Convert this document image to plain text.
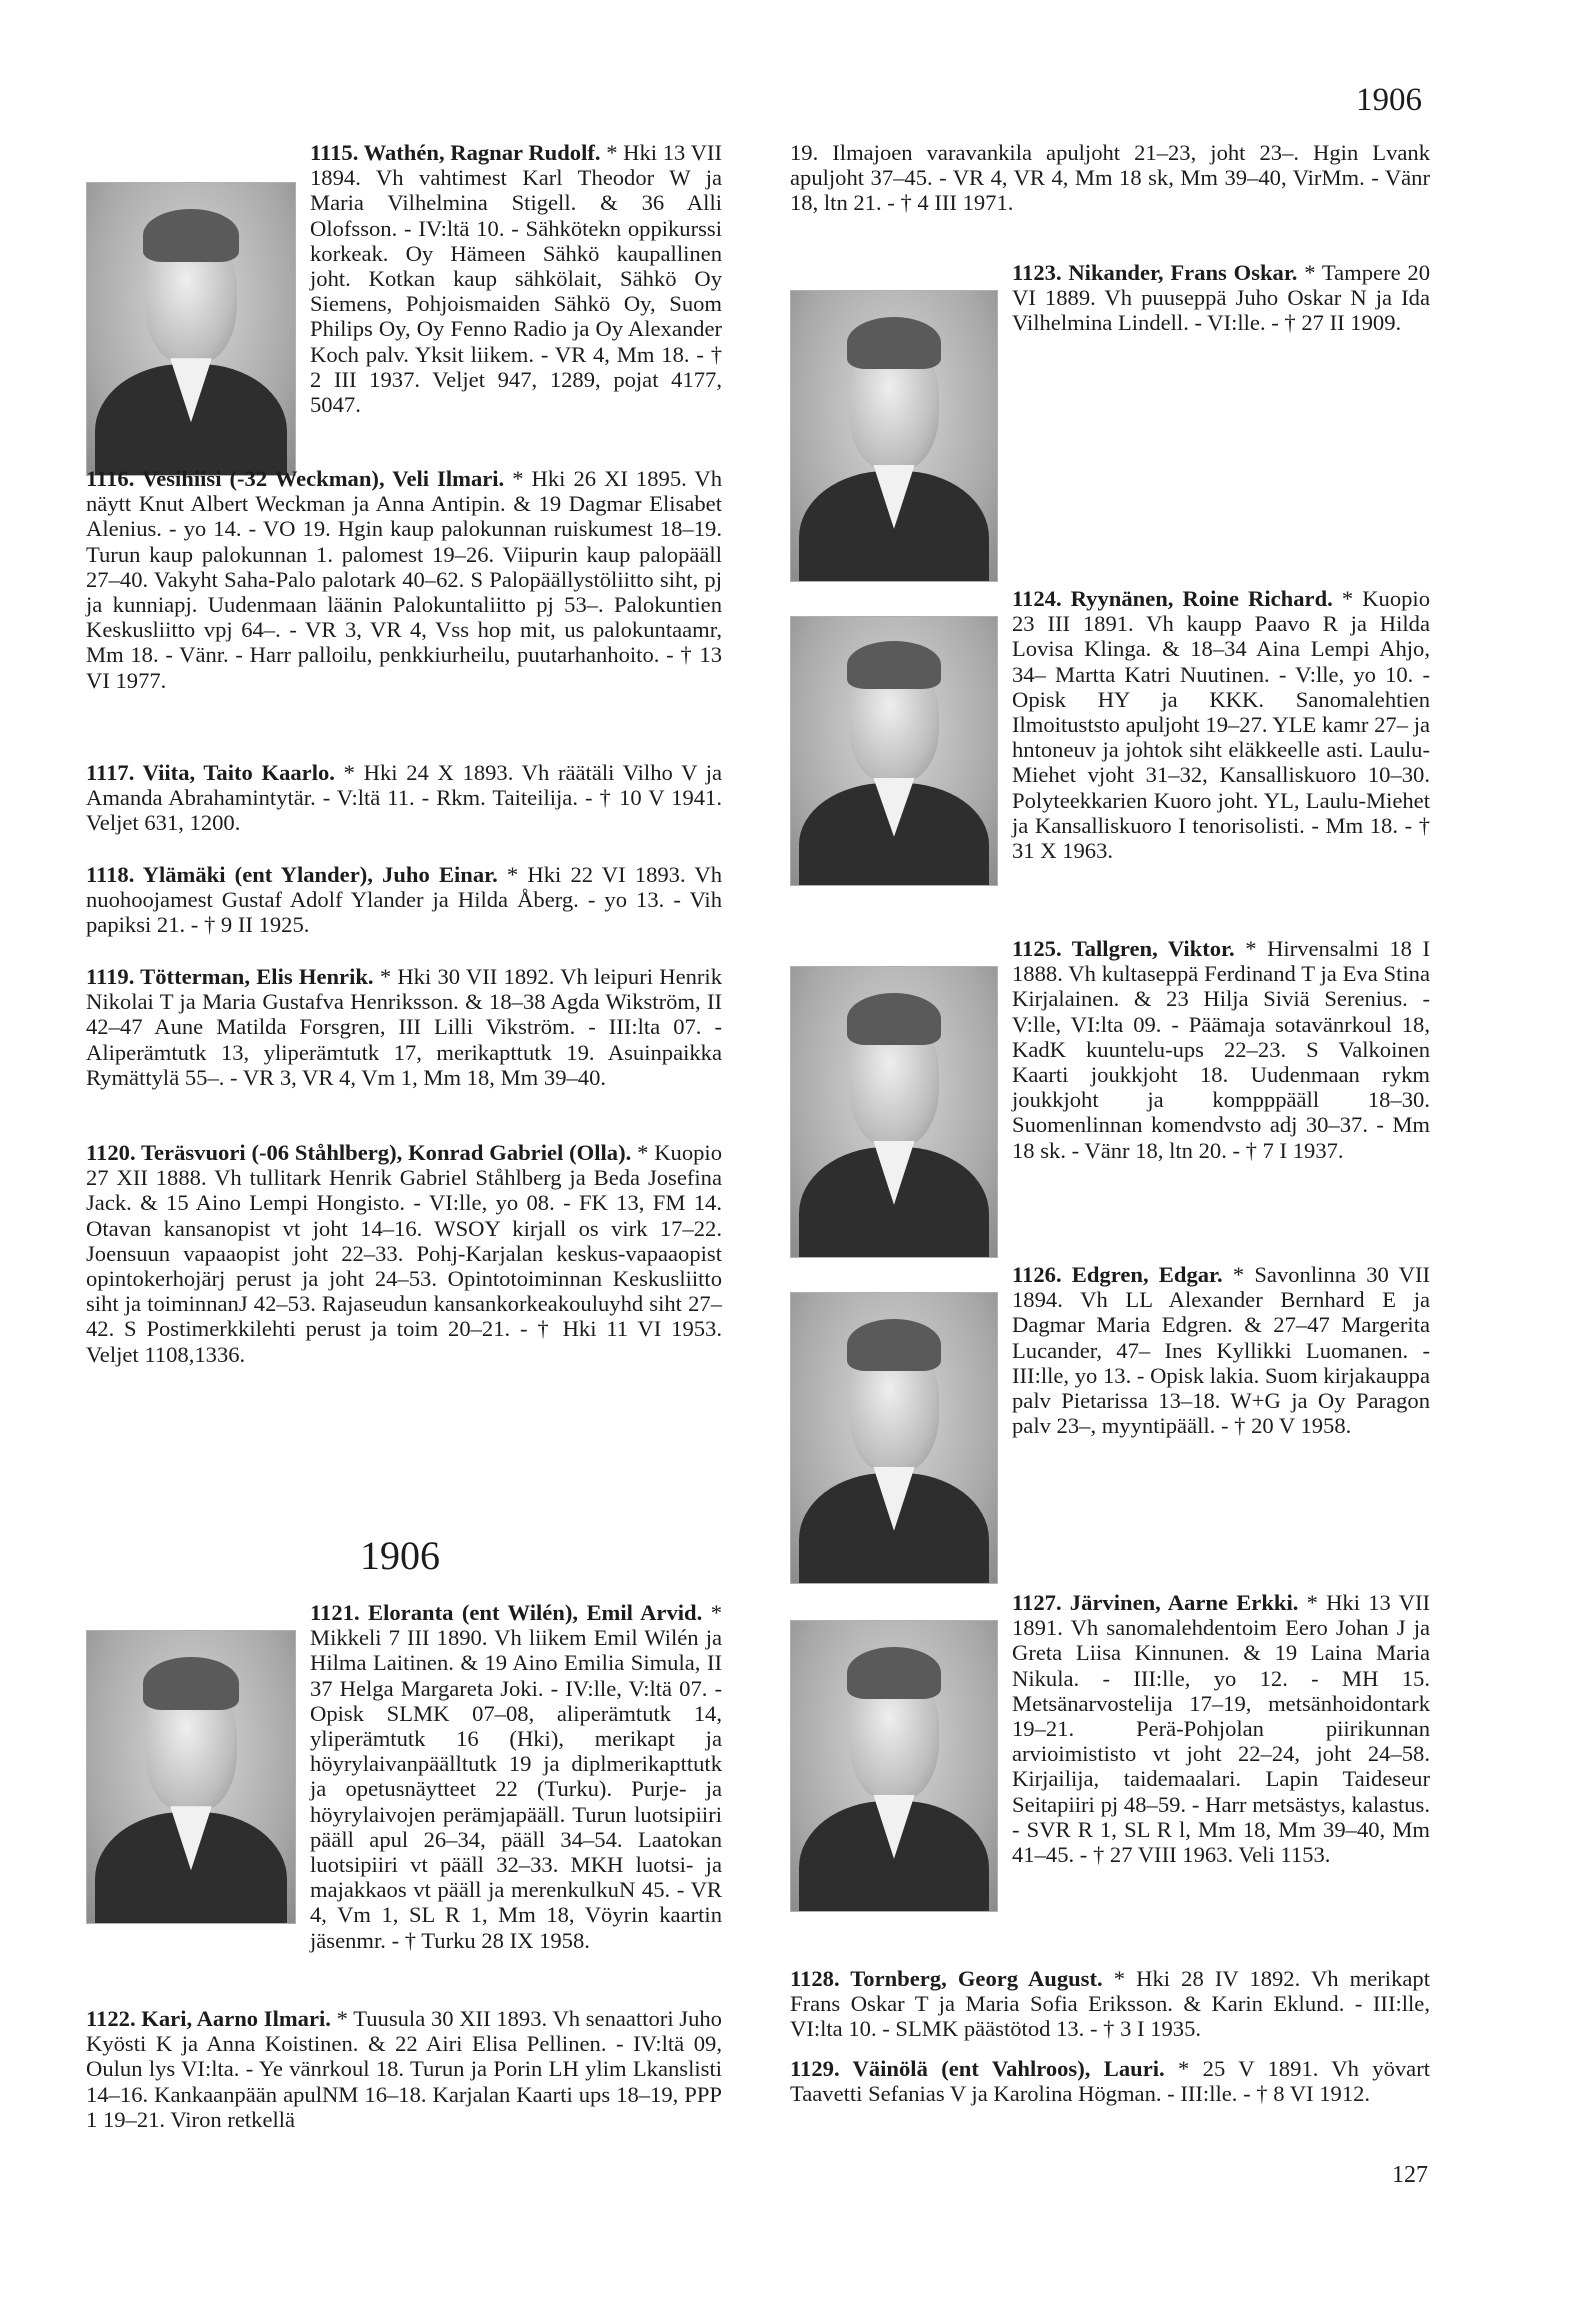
1906

1115. Wathén, Ragnar Rudolf. * Hki 13 VII 1894. Vh vahtimest Karl Theodor W ja Maria Vilhelmina Stigell. & 36 Alli Olofsson. - IV:ltä 10. - Sähkötekn oppikurssi korkeak. Oy Hämeen Sähkö kaupallinen joht. Kotkan kaup sähkölait, Sähkö Oy Siemens, Pohjoismaiden Sähkö Oy, Suom Philips Oy, Oy Fenno Radio ja Oy Alexander Koch palv. Yksit liikem. - VR 4, Mm 18. - † 2 III 1937. Veljet 947, 1289, pojat 4177, 5047.

1116. Vesihiisi (-32 Weckman), Veli Ilmari. * Hki 26 XI 1895. Vh näytt Knut Albert Weckman ja Anna Antipin. & 19 Dagmar Elisabet Alenius. - yo 14. - VO 19. Hgin kaup palokunnan ruiskumest 18–19. Turun kaup palokunnan 1. palomest 19–26. Viipurin kaup palopääll 27–40. Vakyht Saha-Palo palotark 40–62. S Palopäällystöliitto siht, pj ja kunniapj. Uudenmaan läänin Palokuntaliitto pj 53–. Palokuntien Keskusliitto vpj 64–. - VR 3, VR 4, Vss hop mit, us palokuntaamr, Mm 18. - Vänr. - Harr palloilu, penkkiurheilu, puutarhanhoito. - † 13 VI 1977.

1117. Viita, Taito Kaarlo. * Hki 24 X 1893. Vh räätäli Vilho V ja Amanda Abrahamintytär. - V:ltä 11. - Rkm. Taiteilija. - † 10 V 1941. Veljet 631, 1200.

1118. Ylämäki (ent Ylander), Juho Einar. * Hki 22 VI 1893. Vh nuohoojamest Gustaf Adolf Ylander ja Hilda Åberg. - yo 13. - Vih papiksi 21. - † 9 II 1925.

1119. Tötterman, Elis Henrik. * Hki 30 VII 1892. Vh leipuri Henrik Nikolai T ja Maria Gustafva Henriksson. & 18–38 Agda Wikström, II 42–47 Aune Matilda Forsgren, III Lilli Vikström. - III:lta 07. - Aliperämtutk 13, yliperämtutk 17, merikapttutk 19. Asuinpaikka Rymättylä 55–. - VR 3, VR 4, Vm 1, Mm 18, Mm 39–40.

1120. Teräsvuori (-06 Ståhlberg), Konrad Gabriel (Olla). * Kuopio 27 XII 1888. Vh tullitark Henrik Gabriel Ståhlberg ja Beda Josefina Jack. & 15 Aino Lempi Hongisto. - VI:lle, yo 08. - FK 13, FM 14. Otavan kansanopist vt joht 14–16. WSOY kirjall os virk 17–22. Joensuun vapaaopist joht 22–33. Pohj-Karjalan keskus-vapaaopist opintokerhojärj perust ja joht 24–53. Opintotoiminnan Keskusliitto siht ja toiminnanJ 42–53. Rajaseudun kansankorkeakouluyhd siht 27–42. S Postimerkkilehti perust ja toim 20–21. - † Hki 11 VI 1953. Veljet 1108,1336.

1906

1121. Eloranta (ent Wilén), Emil Arvid. * Mikkeli 7 III 1890. Vh liikem Emil Wilén ja Hilma Laitinen. & 19 Aino Emilia Simula, II 37 Helga Margareta Joki. - IV:lle, V:ltä 07. - Opisk SLMK 07–08, aliperämtutk 14, yliperämtutk 16 (Hki), merikapt ja höyrylaivanpäälltutk 19 ja diplmerikapttutk ja opetusnäytteet 22 (Turku). Purje- ja höyrylaivojen perämjapääll. Turun luotsipiiri pääll apul 26–34, pääll 34–54. Laatokan luotsipiiri vt pääll 32–33. MKH luotsi- ja majakkaos vt pääll ja merenkulkuN 45. - VR 4, Vm 1, SL R 1, Mm 18, Vöyrin kaartin jäsenmr. - † Turku 28 IX 1958.

1122. Kari, Aarno Ilmari. * Tuusula 30 XII 1893. Vh senaattori Juho Kyösti K ja Anna Koistinen. & 22 Airi Elisa Pellinen. - IV:ltä 09, Oulun lys VI:lta. - Ye vänrkoul 18. Turun ja Porin LH ylim Lkanslisti 14–16. Kankaanpään apulNM 16–18. Karjalan Kaarti ups 18–19, PPP 1 19–21. Viron retkellä

19. Ilmajoen varavankila apuljoht 21–23, joht 23–. Hgin Lvank apuljoht 37–45. - VR 4, VR 4, Mm 18 sk, Mm 39–40, VirMm. - Vänr 18, ltn 21. - † 4 III 1971.

1123. Nikander, Frans Oskar. * Tampere 20 VI 1889. Vh puuseppä Juho Oskar N ja Ida Vilhelmina Lindell. - VI:lle. - † 27 II 1909.

1124. Ryynänen, Roine Richard. * Kuopio 23 III 1891. Vh kaupp Paavo R ja Hilda Lovisa Klinga. & 18–34 Aina Lempi Ahjo, 34– Martta Katri Nuutinen. - V:lle, yo 10. - Opisk HY ja KKK. Sanomalehtien Ilmoituststo apuljoht 19–27. YLE kamr 27– ja hntoneuv ja johtok siht eläkkeelle asti. Laulu-Miehet vjoht 31–32, Kansalliskuoro 10–30. Polyteekkarien Kuoro joht. YL, Laulu-Miehet ja Kansalliskuoro I tenorisolisti. - Mm 18. - † 31 X 1963.

1125. Tallgren, Viktor. * Hirvensalmi 18 I 1888. Vh kultaseppä Ferdinand T ja Eva Stina Kirjalainen. & 23 Hilja Siviä Serenius. - V:lle, VI:lta 09. - Päämaja sotavänrkoul 18, KadK kuuntelu-ups 22–23. S Valkoinen Kaarti joukkjoht 18. Uudenmaan rykm joukkjoht ja kompppääll 18–30. Suomenlinnan komendvsto adj 30–37. - Mm 18 sk. - Vänr 18, ltn 20. - † 7 I 1937.

1126. Edgren, Edgar. * Savonlinna 30 VII 1894. Vh LL Alexander Bernhard E ja Dagmar Maria Edgren. & 27–47 Margerita Lucander, 47– Ines Kyllikki Luomanen. - III:lle, yo 13. - Opisk lakia. Suom kirjakauppa palv Pietarissa 13–18. W+G ja Oy Paragon palv 23–, myyntipääll. - † 20 V 1958.

1127. Järvinen, Aarne Erkki. * Hki 13 VII 1891. Vh sanomalehdentoim Eero Johan J ja Greta Liisa Kinnunen. & 19 Laina Maria Nikula. - III:lle, yo 12. - MH 15. Metsänarvostelija 17–19, metsänhoidontark 19–21. Perä-Pohjolan piirikunnan arvioimististo vt joht 22–24, joht 24–58. Kirjailija, taidemaalari. Lapin Taideseur Seitapiiri pj 48–59. - Harr metsästys, kalastus. - SVR R 1, SL R l, Mm 18, Mm 39–40, Mm 41–45. - † 27 VIII 1963. Veli 1153.

1128. Tornberg, Georg August. * Hki 28 IV 1892. Vh merikapt Frans Oskar T ja Maria Sofia Eriksson. & Karin Eklund. - III:lle, VI:lta 10. - SLMK päästötod 13. - † 3 I 1935.

1129. Väinölä (ent Vahlroos), Lauri. * 25 V 1891. Vh yövart Taavetti Sefanias V ja Karolina Högman. - III:lle. - † 8 VI 1912.

127
